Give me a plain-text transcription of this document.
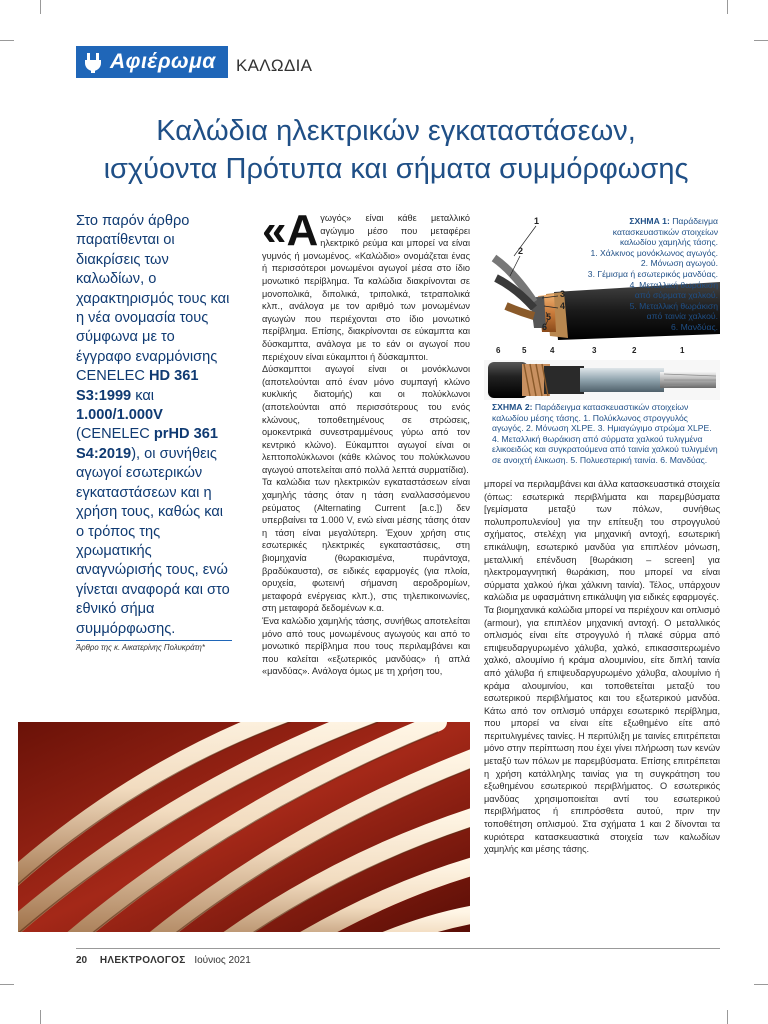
Αφιέρωμα ΚΑΛΩΔΙΑ
Καλώδια ηλεκτρικών εγκαταστάσεων,
ισχύοντα Πρότυπα και σήματα συμμόρφωσης
Στο παρόν άρθρο παρατίθενται οι διακρίσεις των καλωδίων, ο χαρακτηρισμός τους και η νέα ονομασία τους σύμφωνα με το έγγραφο εναρμόνισης CENELEC HD 361 S3:1999 και 1.000/1.000V (CENELEC prHD 361 S4:2019), οι συνήθεις αγωγοί εσωτερικών εγκαταστάσεων και η χρήση τους, καθώς και ο τρόπος της χρωματικής αναγνώρισής τους, ενώ γίνεται αναφορά και στο εθνικό σήμα συμμόρφωσης.
Άρθρο της κ. Αικατερίνης Πολυκράτη*

«Αγωγός» είναι κάθε μεταλλικό αγώγιμο μέσο που μεταφέρει ηλεκτρικό ρεύμα και μπορεί να είναι γυμνός ή μονωμένος. «Καλώδιο» ονομάζεται ένας ή περισσότεροι μονωμένοι αγωγοί μέσα στο ίδιο μονωτικό περίβλημα. Τα καλώδια διακρίνονται σε μονοπολικά, διπολικά, τριπολικά, τετραπολικά κλπ., ανάλογα με τον αριθμό των μονωμένων αγωγών που περιέχονται στο ίδιο μονωτικό περίβλημα. Επίσης, διακρίνονται σε εύκαμπτα και δύσκαμπτα, ανάλογα με το εάν οι αγωγοί που περιέχουν είναι εύκαμπτοι ή δύσκαμπτοι.

Δύσκαμπτοι αγωγοί είναι οι μονόκλωνοι (αποτελούνται από έναν μόνο συμπαγή κλώνο κυκλικής διατομής) και οι πολύκλωνοι (αποτελούνται από περισσότερους του ενός κλώνους, τοποθετημένους σε στρώσεις, ομοκεντρικά συνεστραμμένους γύρω από τον κεντρικό κλώνο). Εύκαμπτοι αγωγοί είναι οι λεπτοπολύκλωνοι (κάθε κλώνος του πολύκλωνου αγωγού αποτελείται από πολλά λεπτά συρματίδια).

Τα καλώδια των ηλεκτρικών εγκαταστάσεων είναι χαμηλής τάσης όταν η τάση εναλλασσόμενου ρεύματος (Alternating Current [a.c.]) δεν υπερβαίνει τα 1.000 V, ενώ είναι μέσης τάσης όταν η τάση είναι μεγαλύτερη. Έχουν χρήση στις εσωτερικές ηλεκτρικές εγκαταστάσεις, στη βιομηχανία (θωρακισμένα, πυράντοχα, βραδύκαυστα), σε ειδικές εφαρμογές (για πλοία, ορυχεία, φωτεινή σήμανση αεροδρομίων, μεταφορά ενέργειας κλπ.), στις τηλεπικοινωνίες, στη μεταφορά δεδομένων κ.α.

Ένα καλώδιο χαμηλής τάσης, συνήθως αποτελείται μόνο από τους μονωμένους αγωγούς και από το μονωτικό περίβλημα που τους περιλαμβάνει και που καλείται «εξωτερικός μανδύας» ή απλά «μανδύας». Ανάλογα όμως με τη χρήση του,

1
2
3
4
5
6
ΣΧΗΜΑ 1: Παράδειγμα
κατασκευαστικών στοιχείων
καλωδίου χαμηλής τάσης.
1. Χάλκινος μονόκλωνος αγωγός.
2. Μόνωση αγωγού.
3. Γέμισμα ή εσωτερικός μανδύας.
4. Μεταλλική θωράκιση
από σύρματα χαλκού.
5. Μεταλλική θωράκιση
από ταινία χαλκού.
6. Μανδύας.
6	5	4	3	2	1
ΣΧΗΜΑ 2: Παράδειγμα κατασκευαστικών στοιχείων καλωδίου μέσης τάσης. 1. Πολύκλωνος στρογγυλός αγωγός. 2. Μόνωση XLPE. 3. Ημιαγώγιμο στρώμα XLPE. 4. Μεταλλική θωράκιση από σύρματα χαλκού τυλιγμένα ελικοειδώς και συγκρατούμενα από ταινία χαλκού τυλιγμένη σε ανοιχτή έλικωση. 5. Πολυεστερική ταινία. 6. Μανδύας.

μπορεί να περιλαμβάνει και άλλα κατασκευαστικά στοιχεία (όπως: εσωτερικά περιβλήματα και παρεμβύσματα [γεμίσματα μεταξύ των πόλων, συνήθως πολυπροπυλενίου] για την επίτευξη του στρογγυλού σχήματος, στελέχη για μηχανική αντοχή, εσωτερική επικάλυψη, εσωτερικό μανδύα για επιπλέον μόνωση, μεταλλική επένδυση [θωράκιση – screen] για ηλεκτρομαγνητική θωράκιση, που μπορεί να είναι σύρματα χαλκού ή/και χάλκινη ταινία). Τέλος, υπάρχουν καλώδια με υφασμάτινη επικάλυψη για ειδικές εφαρμογές.

Τα βιομηχανικά καλώδια μπορεί να περιέχουν και οπλισμό (armour), για επιπλέον μηχανική αντοχή. Ο μεταλλικός οπλισμός είναι είτε στρογγυλό ή πλακέ σύρμα από επιψευδαργυρωμένο χάλυβα, χαλκό, επικασσιτερωμένο χαλκό, αλουμίνιο ή κράμα αλουμινίου, είτε διπλή ταινία από χάλυβα ή επιψευδαργυρωμένο χάλυβα, αλουμίνιο ή κράμα αλουμινίου, και τοποθετείται μεταξύ του εσωτερικού περιβλήματος και του εξωτερικού μανδύα. Κάτω από τον οπλισμό υπάρχει εσωτερικό περίβλημα, που μπορεί να είναι είτε εξωθημένο είτε από περιτυλιγμένες ταινίες. Η περιτύλιξη με ταινίες επιτρέπεται μόνο στην περίπτωση που έχει γίνει πλήρωση των κενών μεταξύ των πόλων με παρεμβύσματα. Επίσης επιτρέπεται η χρήση κατάλληλης ταινίας για τη συγκράτηση του εξωθημένου εσωτερικού περιβλήματος. Ο εσωτερικός μανδύας χρησιμοποιείται αντί του εσωτερικού περιβλήματος ή επιπρόσθετα αυτού, πριν την τοποθέτηση οπλισμού. Στα σχήματα 1 και 2 δίνονται τα κυριότερα κατασκευαστικά στοιχεία των καλωδίων χαμηλής και μέσης τάσης.

20 ΗΛΕΚΤΡΟΛΟΓΟΣ Ιούνιος 2021
